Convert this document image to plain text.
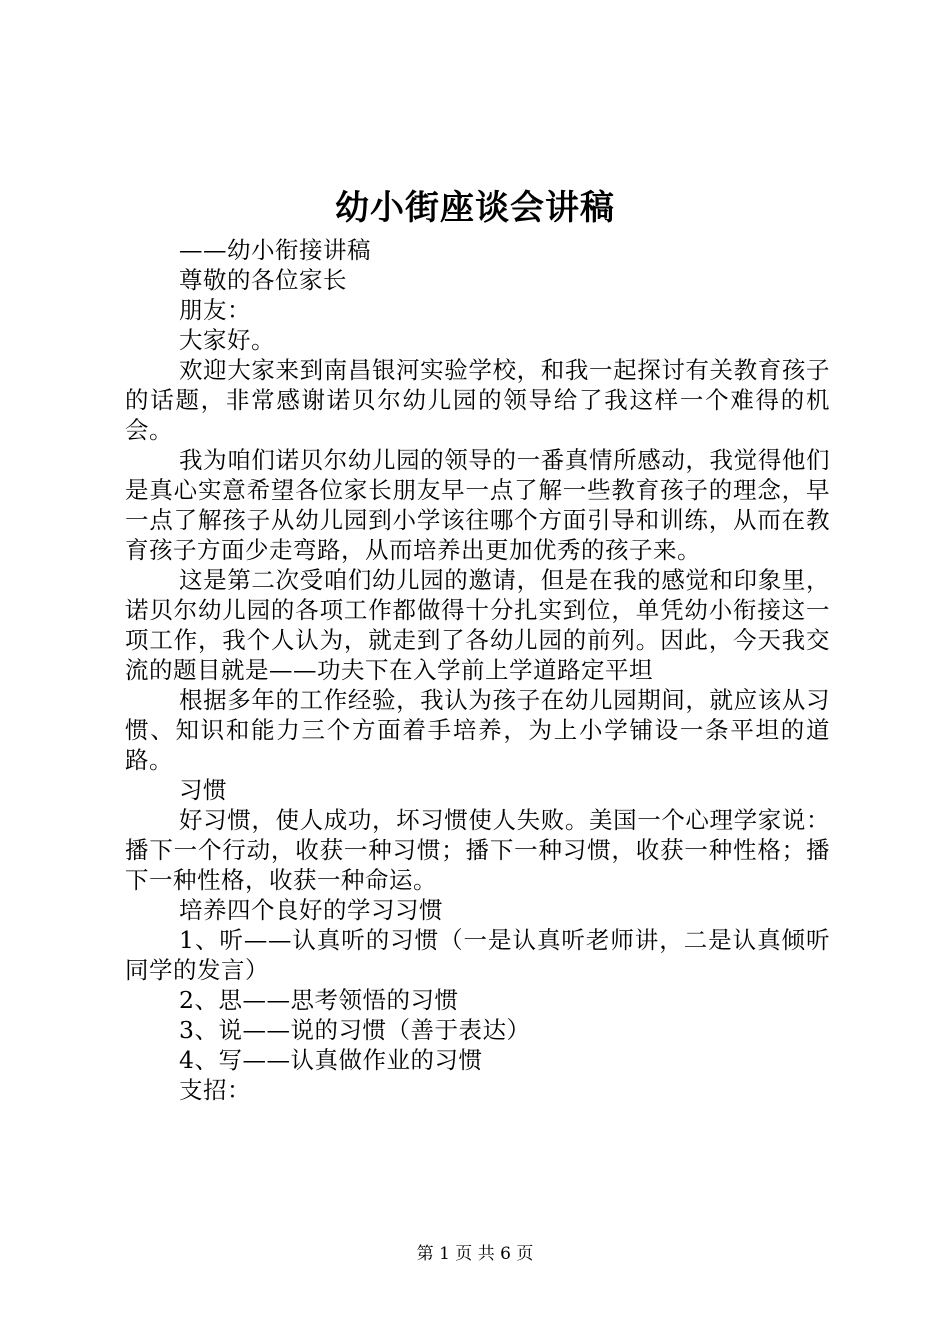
幼小街座谈会讲稿

——幼小衔接讲稿

尊敬的各位家长

朋友：

大家好。

欢迎大家来到南昌银河实验学校，和我一起探讨有关教育孩子的话题，非常感谢诺贝尔幼儿园的领导给了我这样一个难得的机会。

我为咱们诺贝尔幼儿园的领导的一番真情所感动，我觉得他们是真心实意希望各位家长朋友早一点了解一些教育孩子的理念，早一点了解孩子从幼儿园到小学该往哪个方面引导和训练，从而在教育孩子方面少走弯路，从而培养出更加优秀的孩子来。

这是第二次受咱们幼儿园的邀请，但是在我的感觉和印象里，诺贝尔幼儿园的各项工作都做得十分扎实到位，单凭幼小衔接这一项工作，我个人认为，就走到了各幼儿园的前列。因此，今天我交流的题目就是——功夫下在入学前上学道路定平坦

根据多年的工作经验，我认为孩子在幼儿园期间，就应该从习惯、知识和能力三个方面着手培养，为上小学铺设一条平坦的道路。

习惯

好习惯，使人成功，坏习惯使人失败。美国一个心理学家说：播下一个行动，收获一种习惯；播下一种习惯，收获一种性格；播下一种性格，收获一种命运。

培养四个良好的学习习惯

1、听——认真听的习惯（一是认真听老师讲，二是认真倾听同学的发言）

2、思——思考领悟的习惯

3、说——说的习惯（善于表达）

4、写——认真做作业的习惯

支招：

第 1 页 共 6 页
